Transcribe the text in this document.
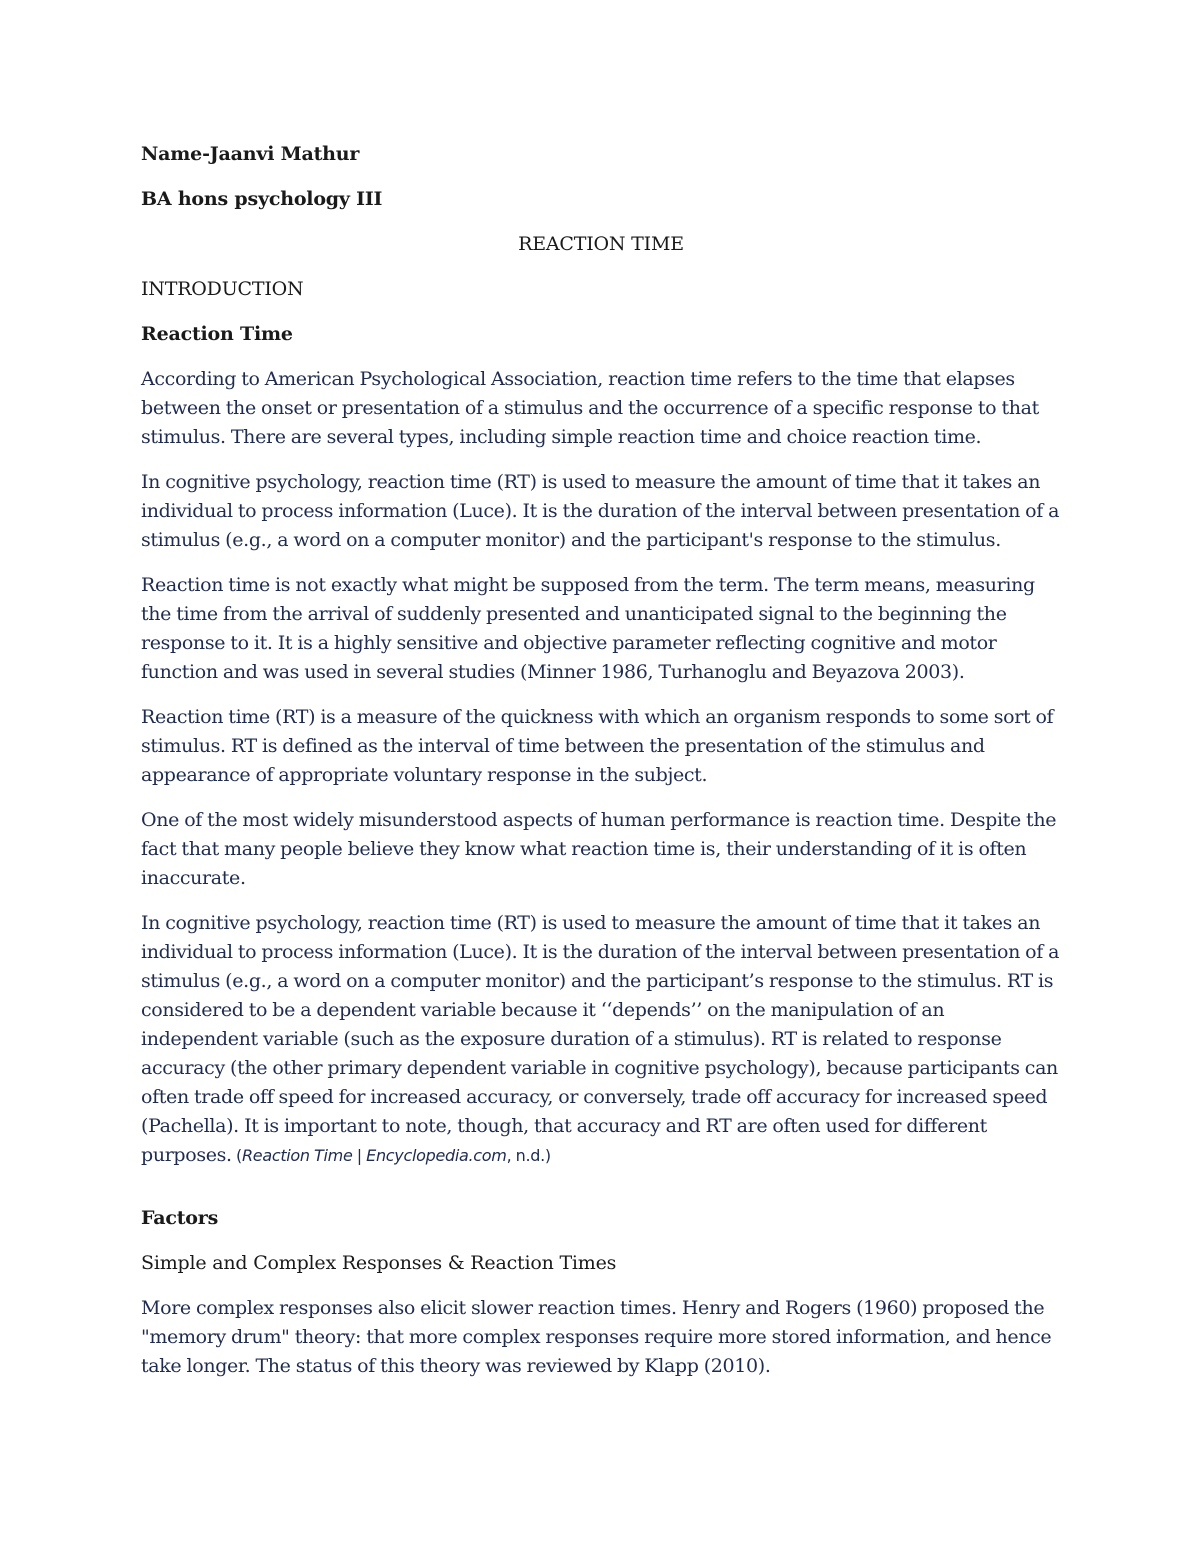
Name-Jaanvi Mathur

BA hons psychology III

REACTION TIME

INTRODUCTION

Reaction Time

According to American Psychological Association, reaction time refers to the time that elapses between the onset or presentation of a stimulus and the occurrence of a specific response to that stimulus. There are several types, including simple reaction time and choice reaction time.

In cognitive psychology, reaction time (RT) is used to measure the amount of time that it takes an individual to process information (Luce). It is the duration of the interval between presentation of a stimulus (e.g., a word on a computer monitor) and the participant's response to the stimulus.

Reaction time is not exactly what might be supposed from the term. The term means, measuring the time from the arrival of suddenly presented and unanticipated signal to the beginning the response to it. It is a highly sensitive and objective parameter reflecting cognitive and motor function and was used in several studies (Minner 1986, Turhanoglu and Beyazova 2003).

Reaction time (RT) is a measure of the quickness with which an organism responds to some sort of stimulus. RT is defined as the interval of time between the presentation of the stimulus and appearance of appropriate voluntary response in the subject.

One of the most widely misunderstood aspects of human performance is reaction time. Despite the fact that many people believe they know what reaction time is, their understanding of it is often inaccurate.

In cognitive psychology, reaction time (RT) is used to measure the amount of time that it takes an individual to process information (Luce). It is the duration of the interval between presentation of a stimulus (e.g., a word on a computer monitor) and the participant’s response to the stimulus. RT is considered to be a dependent variable because it ‘‘depends’’ on the manipulation of an independent variable (such as the exposure duration of a stimulus). RT is related to response accuracy (the other primary dependent variable in cognitive psychology), because participants can often trade off speed for increased accuracy, or conversely, trade off accuracy for increased speed (Pachella). It is important to note, though, that accuracy and RT are often used for different purposes. (Reaction Time | Encyclopedia.com, n.d.)

Factors

Simple and Complex Responses & Reaction Times

More complex responses also elicit slower reaction times. Henry and Rogers (1960) proposed the "memory drum" theory: that more complex responses require more stored information, and hence take longer. The status of this theory was reviewed by Klapp (2010).
